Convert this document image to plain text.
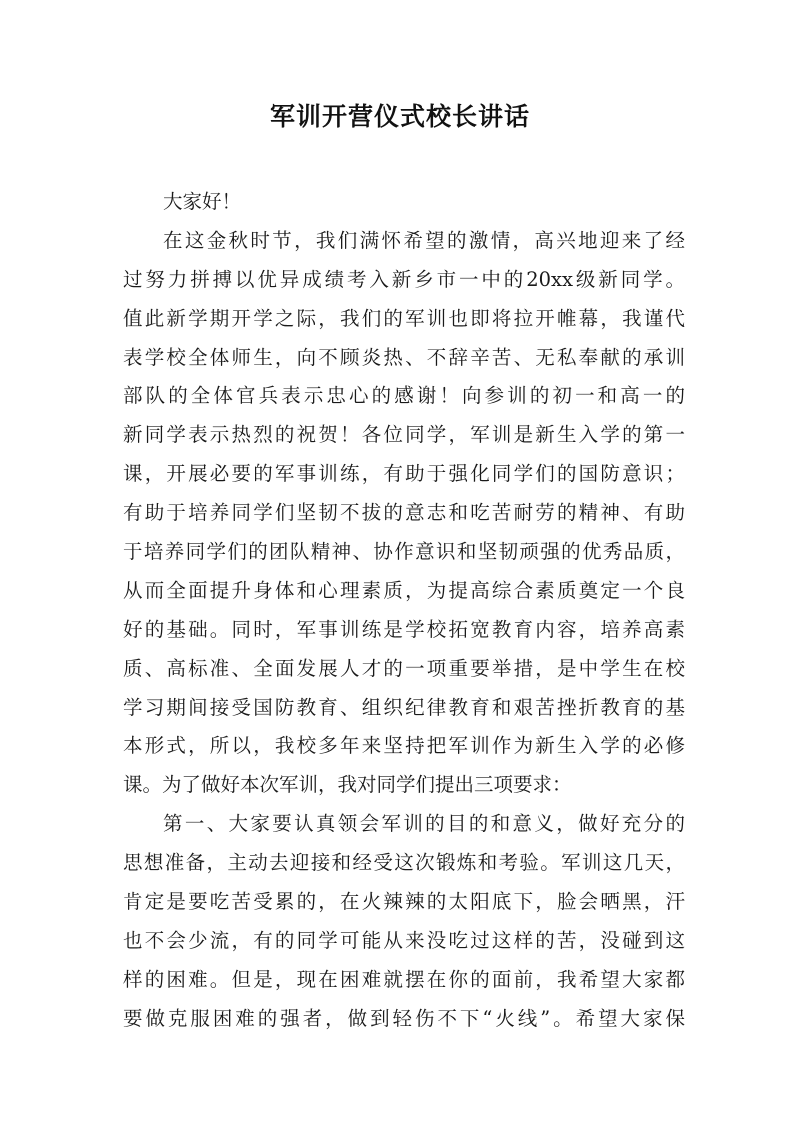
军训开营仪式校长讲话
大家好！
在这金秋时节，我们满怀希望的激情，高兴地迎来了经
过努力拼搏以优异成绩考入新乡市一中的20xx级新同学。
值此新学期开学之际，我们的军训也即将拉开帷幕，我谨代
表学校全体师生，向不顾炎热、不辞辛苦、无私奉献的承训
部队的全体官兵表示忠心的感谢！向参训的初一和高一的
新同学表示热烈的祝贺！各位同学，军训是新生入学的第一
课，开展必要的军事训练，有助于强化同学们的国防意识；
有助于培养同学们坚韧不拔的意志和吃苦耐劳的精神、有助
于培养同学们的团队精神、协作意识和坚韧顽强的优秀品质，
从而全面提升身体和心理素质，为提高综合素质奠定一个良
好的基础。同时，军事训练是学校拓宽教育内容，培养高素
质、高标准、全面发展人才的一项重要举措，是中学生在校
学习期间接受国防教育、组织纪律教育和艰苦挫折教育的基
本形式，所以，我校多年来坚持把军训作为新生入学的必修
课。为了做好本次军训，我对同学们提出三项要求：
第一、大家要认真领会军训的目的和意义，做好充分的
思想准备，主动去迎接和经受这次锻炼和考验。军训这几天，
肯定是要吃苦受累的，在火辣辣的太阳底下，脸会晒黑，汗
也不会少流，有的同学可能从来没吃过这样的苦，没碰到这
样的困难。但是，现在困难就摆在你的面前，我希望大家都
要做克服困难的强者，做到轻伤不下“火线”。希望大家保
